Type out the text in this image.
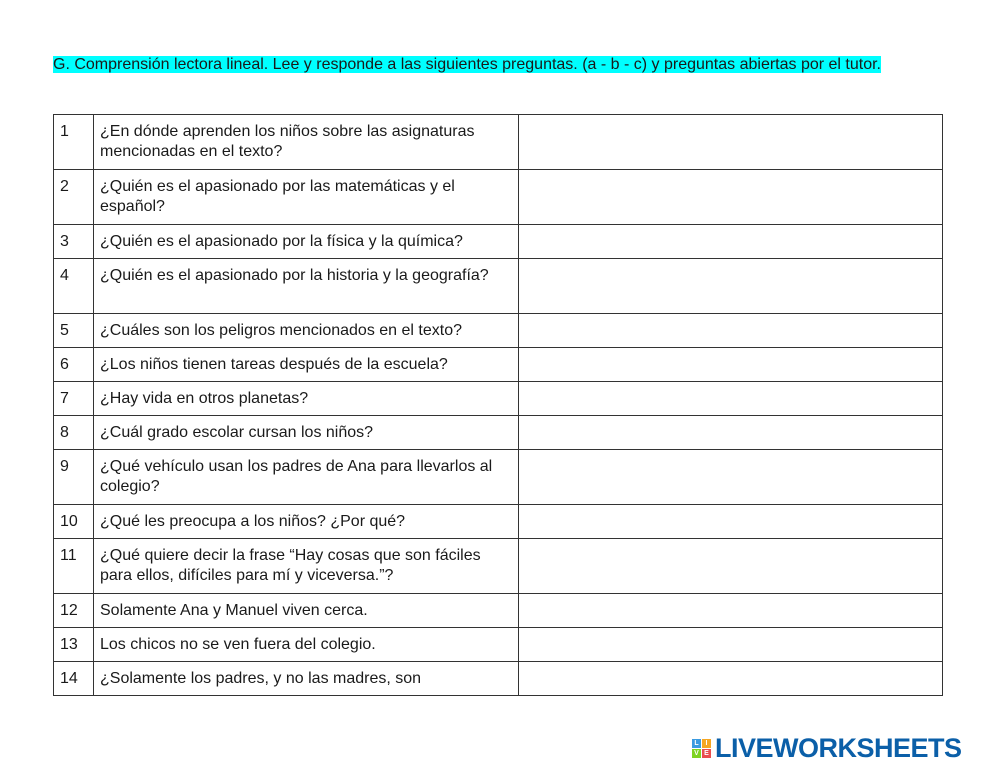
G. Comprensión lectora lineal. Lee y responde a las siguientes preguntas. (a - b - c) y preguntas abiertas por el tutor.
1	¿En dónde aprenden los niños sobre las asignaturas mencionadas en el texto?	
2	¿Quién es el apasionado por las matemáticas y el español?	
3	¿Quién es el apasionado por la física y la química?	
4	¿Quién es el apasionado por la historia y la geografía?	
5	¿Cuáles son los peligros mencionados en el texto?	
6	¿Los niños tienen tareas después de la escuela?	
7	¿Hay vida en otros planetas?	
8	¿Cuál grado escolar cursan los niños?	
9	¿Qué vehículo usan los padres de Ana para llevarlos al colegio?	
10	¿Qué les preocupa a los niños? ¿Por qué?	
11	¿Qué quiere decir la frase “Hay cosas que son fáciles para ellos, difíciles para mí y viceversa.”?	
12	Solamente Ana y Manuel viven cerca.	
13	Los chicos no se ven fuera del colegio.	
14	¿Solamente los padres, y no las madres, son	
L I
V E LIVEWORKSHEETS
